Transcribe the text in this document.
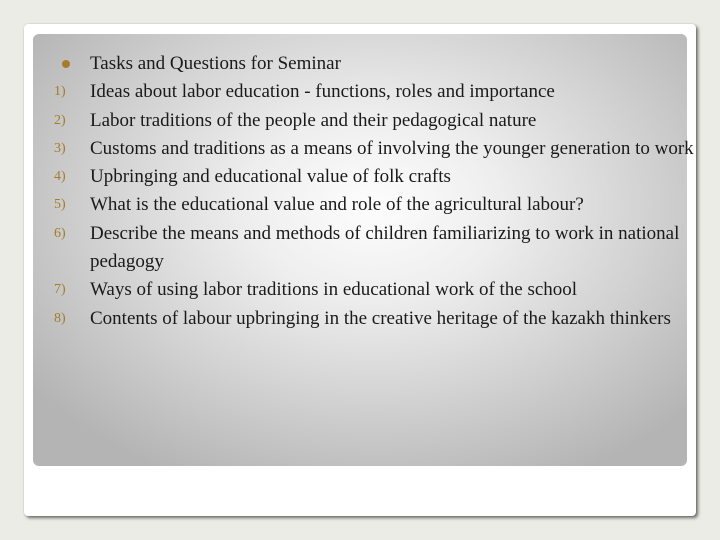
Tasks and Questions for Seminar
1)	Ideas about labor education - functions, roles and importance
2)	Labor traditions of the people and their pedagogical nature
3)	Customs and traditions as a means of involving the younger generation to work
4)	Upbringing and educational value of folk crafts
5)	What is the educational value and role of the agricultural labour?
6)	Describe the means and methods of children familiarizing to work in national pedagogy
7)	Ways of using labor traditions in educational work of the school
8)	Contents of labour upbringing in the creative heritage of the kazakh thinkers
